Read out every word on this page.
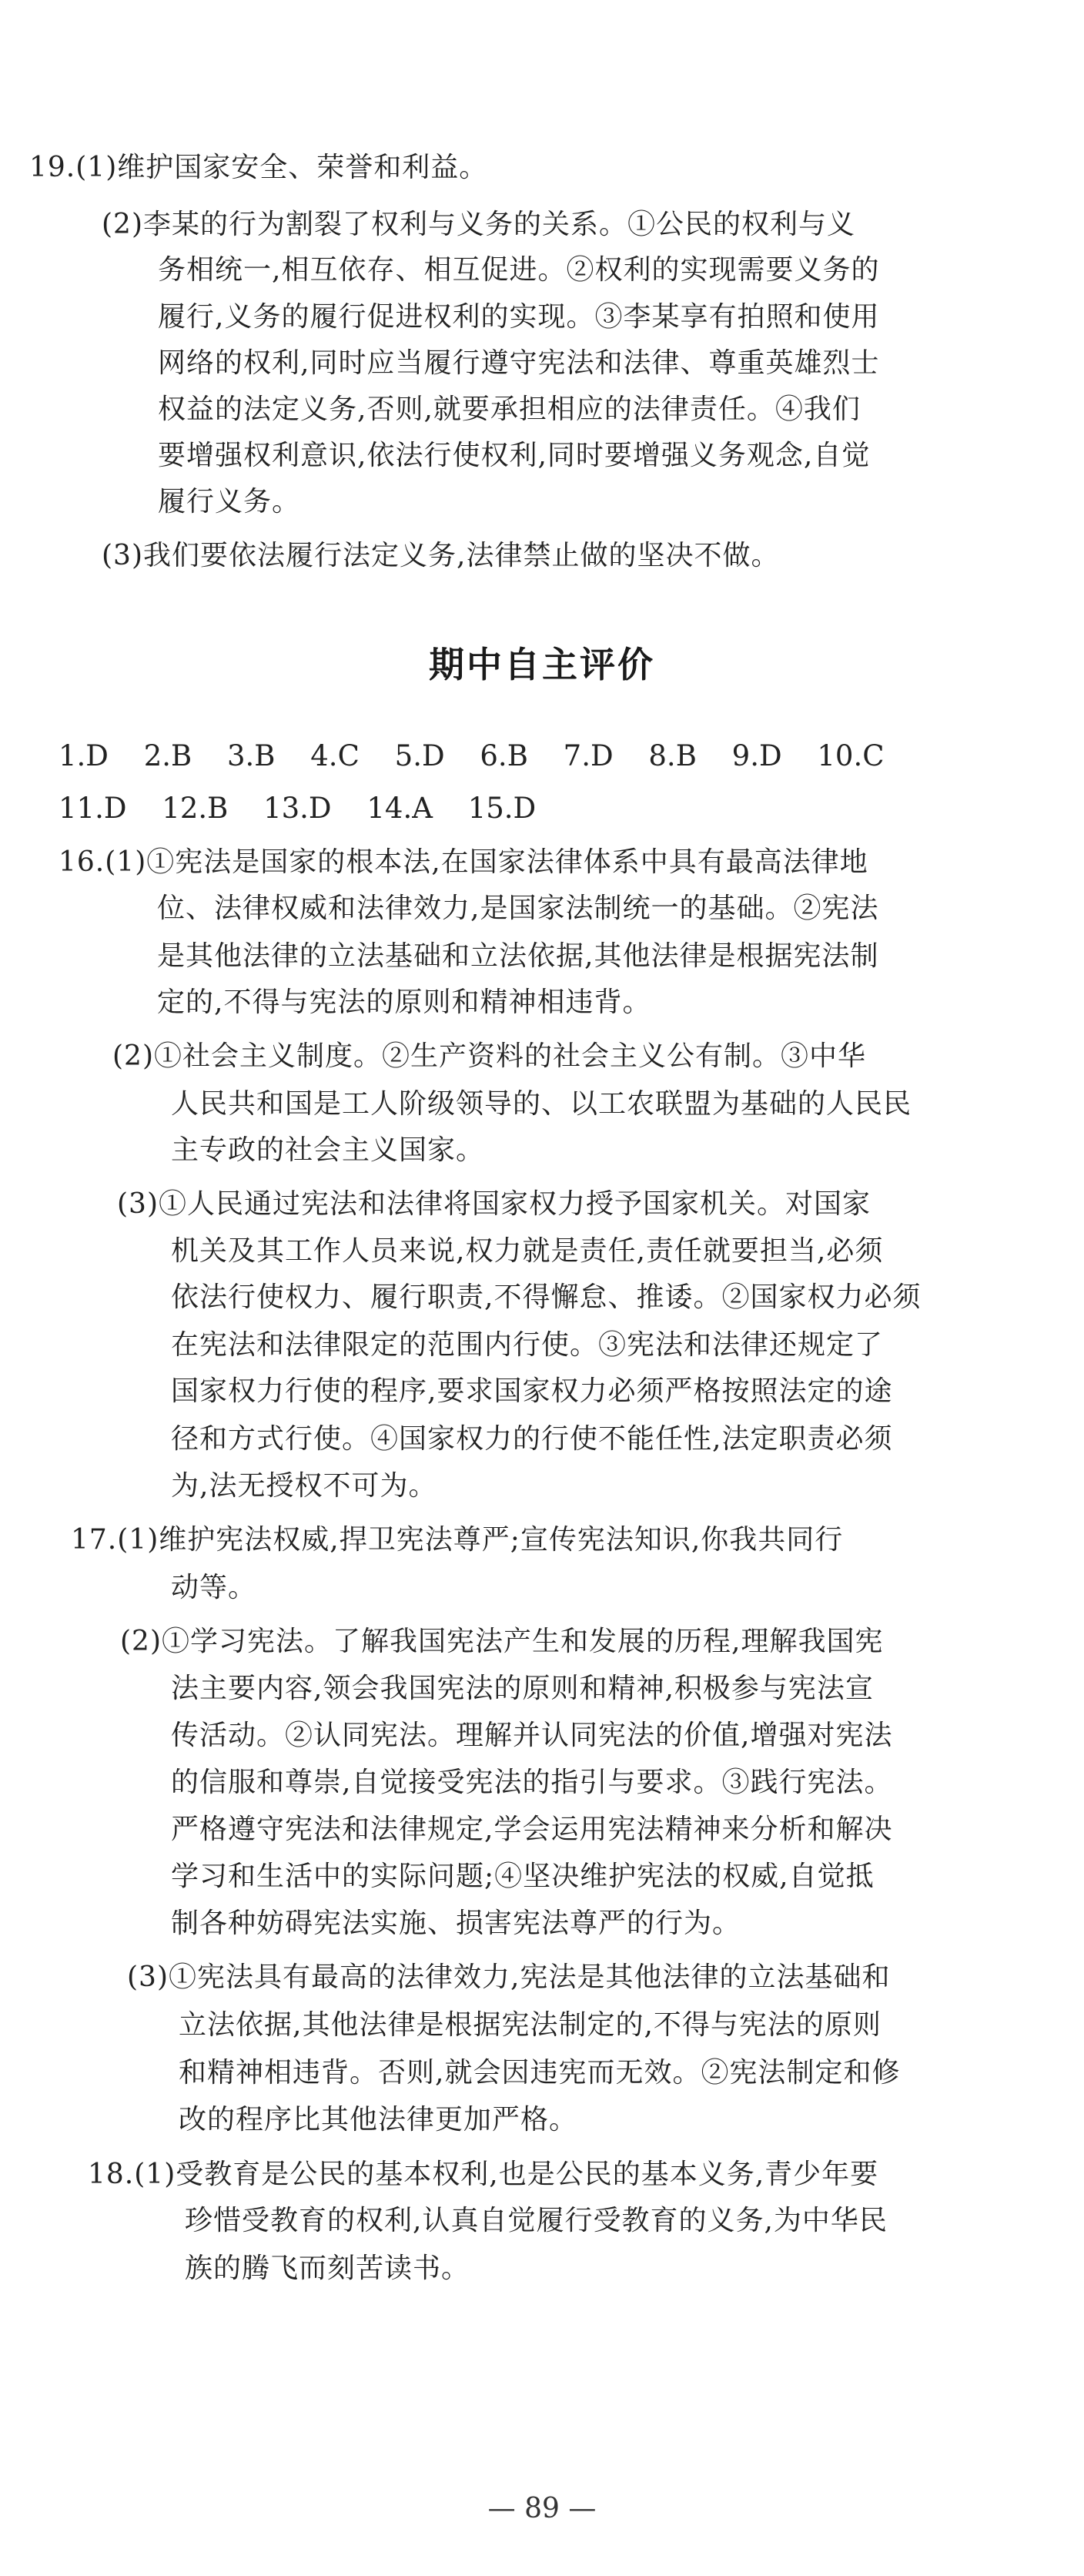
19.(1)维护国家安全、荣誉和利益。
(2)李某的行为割裂了权利与义务的关系。①公民的权利与义
务相统一,相互依存、相互促进。②权利的实现需要义务的
履行,义务的履行促进权利的实现。③李某享有拍照和使用
网络的权利,同时应当履行遵守宪法和法律、尊重英雄烈士
权益的法定义务,否则,就要承担相应的法律责任。④我们
要增强权利意识,依法行使权利,同时要增强义务观念,自觉
履行义务。
(3)我们要依法履行法定义务,法律禁止做的坚决不做。
期中自主评价
1.D 2.B 3.B 4.C 5.D 6.B 7.D 8.B 9.D 10.C
11.D 12.B 13.D 14.A 15.D
16.(1)①宪法是国家的根本法,在国家法律体系中具有最高法律地
位、法律权威和法律效力,是国家法制统一的基础。②宪法
是其他法律的立法基础和立法依据,其他法律是根据宪法制
定的,不得与宪法的原则和精神相违背。
(2)①社会主义制度。②生产资料的社会主义公有制。③中华
人民共和国是工人阶级领导的、以工农联盟为基础的人民民
主专政的社会主义国家。
(3)①人民通过宪法和法律将国家权力授予国家机关。对国家
机关及其工作人员来说,权力就是责任,责任就要担当,必须
依法行使权力、履行职责,不得懈怠、推诿。②国家权力必须
在宪法和法律限定的范围内行使。③宪法和法律还规定了
国家权力行使的程序,要求国家权力必须严格按照法定的途
径和方式行使。④国家权力的行使不能任性,法定职责必须
为,法无授权不可为。
17.(1)维护宪法权威,捍卫宪法尊严;宣传宪法知识,你我共同行
动等。
(2)①学习宪法。了解我国宪法产生和发展的历程,理解我国宪
法主要内容,领会我国宪法的原则和精神,积极参与宪法宣
传活动。②认同宪法。理解并认同宪法的价值,增强对宪法
的信服和尊崇,自觉接受宪法的指引与要求。③践行宪法。
严格遵守宪法和法律规定,学会运用宪法精神来分析和解决
学习和生活中的实际问题;④坚决维护宪法的权威,自觉抵
制各种妨碍宪法实施、损害宪法尊严的行为。
(3)①宪法具有最高的法律效力,宪法是其他法律的立法基础和
立法依据,其他法律是根据宪法制定的,不得与宪法的原则
和精神相违背。否则,就会因违宪而无效。②宪法制定和修
改的程序比其他法律更加严格。
18.(1)受教育是公民的基本权利,也是公民的基本义务,青少年要
珍惜受教育的权利,认真自觉履行受教育的义务,为中华民
族的腾飞而刻苦读书。
— 89 —
